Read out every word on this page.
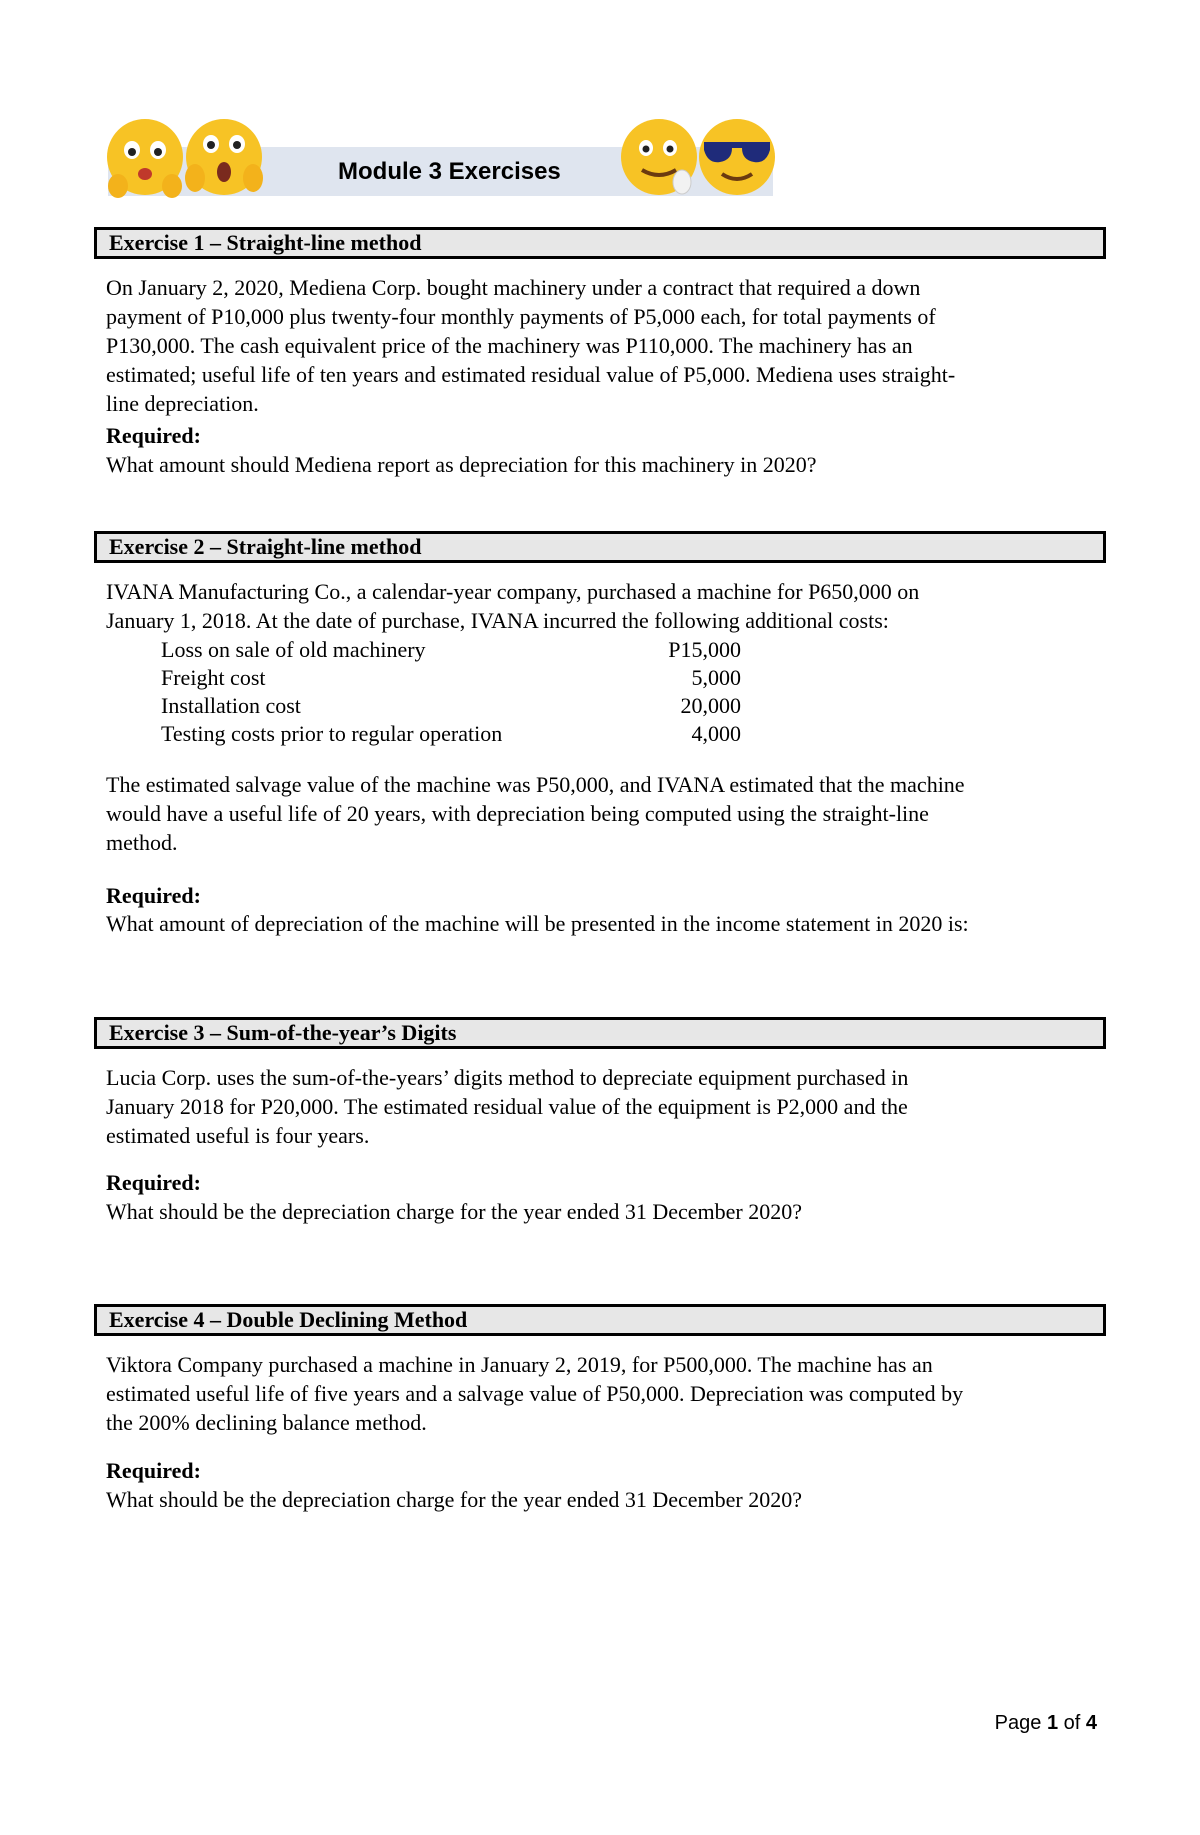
Module 3 Exercises
Exercise 1 – Straight-line method
On January 2, 2020, Mediena Corp. bought machinery under a contract that required a down
payment of P10,000 plus twenty-four monthly payments of P5,000 each, for total payments of
P130,000. The cash equivalent price of the machinery was P110,000. The machinery has an
estimated; useful life of ten years and estimated residual value of P5,000. Mediena uses straight-
line depreciation.
Required:
What amount should Mediena report as depreciation for this machinery in 2020?
Exercise 2 – Straight-line method
IVANA Manufacturing Co., a calendar-year company, purchased a machine for P650,000 on
January 1, 2018. At the date of purchase, IVANA incurred the following additional costs:
Loss on sale of old machinery	P15,000
Freight cost	5,000
Installation cost	20,000
Testing costs prior to regular operation	4,000
The estimated salvage value of the machine was P50,000, and IVANA estimated that the machine
would have a useful life of 20 years, with depreciation being computed using the straight-line
method.
Required:
What amount of depreciation of the machine will be presented in the income statement in 2020 is:
Exercise 3 – Sum-of-the-year’s Digits
Lucia Corp. uses the sum-of-the-years’ digits method to depreciate equipment purchased in
January 2018 for P20,000. The estimated residual value of the equipment is P2,000 and the
estimated useful is four years.
Required:
What should be the depreciation charge for the year ended 31 December 2020?
Exercise 4 – Double Declining Method
Viktora Company purchased a machine in January 2, 2019, for P500,000. The machine has an
estimated useful life of five years and a salvage value of P50,000. Depreciation was computed by
the 200% declining balance method.
Required:
What should be the depreciation charge for the year ended 31 December 2020?
Page 1 of 4
